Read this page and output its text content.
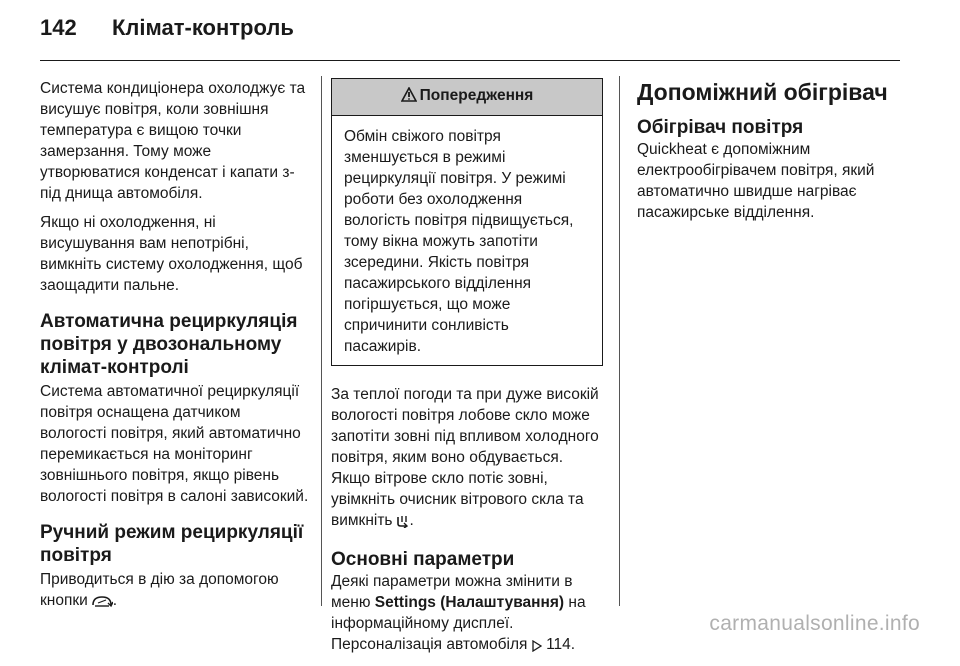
142 Клімат-контроль

Система кондиціонера охолоджує та висушує повітря, коли зовнішня температура є вищою точки замерзання. Тому може утворюватися конденсат і капати з-під днища автомобіля.

Якщо ні охолодження, ні висушування вам непотрібні, вимкніть систему охолодження, щоб заощадити пальне.

Автоматична рециркуляція повітря у двозональному клімат-контролі

Система автоматичної рециркуляції повітря оснащена датчиком вологості повітря, який автоматично перемикається на моніторинг зовнішнього повітря, якщо рівень вологості повітря в салоні зависокий.

Ручний режим рециркуляції повітря

Приводиться в дію за допомогою кнопки .

Попередження

Обмін свіжого повітря зменшується в режимі рециркуляції повітря. У режимі роботи без охолодження вологість повітря підвищується, тому вікна можуть запотіти зсередини. Якість повітря пасажирського відділення погіршується, що може спричинити сонливість пасажирів.

За теплої погоди та при дуже високій вологості повітря лобове скло може запотіти зовні під впливом холодного повітря, яким воно обдувається. Якщо вітрове скло потіє зовні, увімкніть очисник вітрового скла та вимкніть .

Основні параметри

Деякі параметри можна змінити в меню Settings (Налаштування) на інформаційному дисплеї.
Персоналізація автомобіля 114.

Допоміжний обігрівач
Обігрівач повітря

Quickheat є допоміжним електрообігрівачем повітря, який автоматично швидше нагріває пасажирське відділення.

carmanualsonline.info
